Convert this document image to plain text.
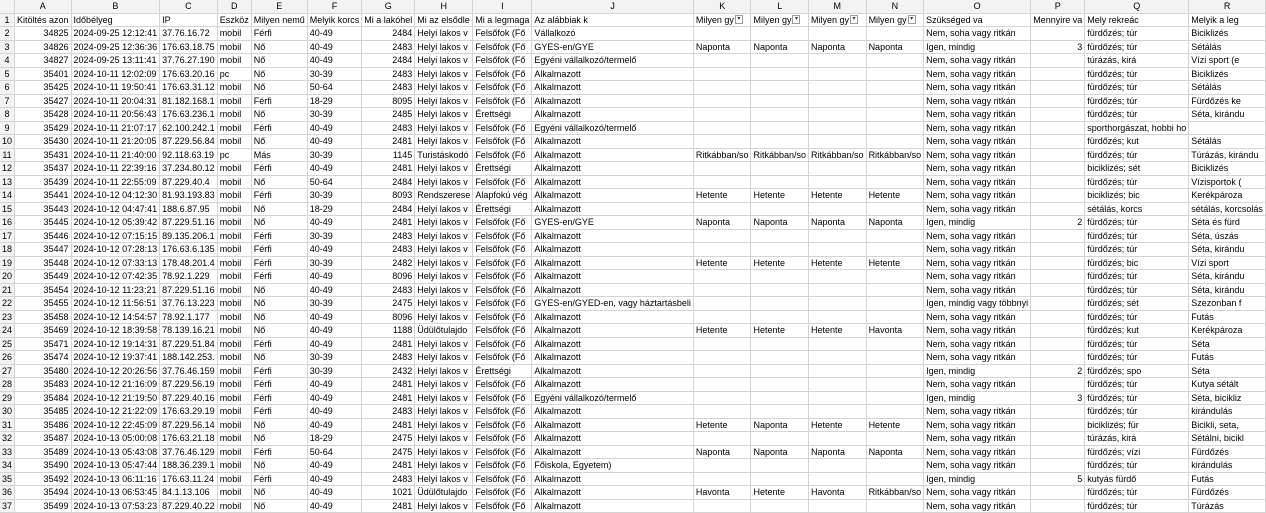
	A	B	C	D	E	F	G	H	I	J	K	L	M	N	O	P	Q	R
1	Kitöltés azon	Időbélyeg	IP	Eszköz	Milyen nemű	Melyik korcs	Mi a lakóhel	Mi az elsődle	Mi a legmaga	Az alábbiak k	Milyen gy ▾	Milyen gy ▾	Milyen gy ▾	Milyen gy ▾	Szükséged va	Mennyire va	Mely rekreác	Melyik a leg
2	34825	2024-09-25 12:12:41	37.76.16.72	mobil	Férfi	40-49	2484	Helyi lakos v	Felsőfok (Fő	Vállalkozó					Nem, soha vagy ritkán		fürdőzés; túr	Biciklizés
3	34826	2024-09-25 12:36:36	176.63.18.75	mobil	Nő	40-49	2483	Helyi lakos v	Felsőfok (Fő	GYES-en/GYE	Naponta	Naponta	Naponta	Naponta	Igen, mindig	3	fürdőzés; túr	Sétálás
4	34827	2024-09-25 13:11:41	37.76.27.190	mobil	Nő	40-49	2484	Helyi lakos v	Felsőfok (Fő	Egyéni vállalkozó/termelő					Nem, soha vagy ritkán		túrázás, kirá	Vízi sport (e
5	35401	2024-10-11 12:02:09	176.63.20.16	pc	Nő	30-39	2483	Helyi lakos v	Felsőfok (Fő	Alkalmazott					Nem, soha vagy ritkán		fürdőzés; túr	Biciklizés
6	35425	2024-10-11 19:50:41	176.63.31.12	mobil	Nő	50-64	2483	Helyi lakos v	Felsőfok (Fő	Alkalmazott					Nem, soha vagy ritkán		fürdőzés; túr	Sétálás
7	35427	2024-10-11 20:04:31	81.182.168.1	mobil	Férfi	18-29	8095	Helyi lakos v	Felsőfok (Fő	Alkalmazott					Nem, soha vagy ritkán		fürdőzés; túr	Fürdőzés ke
8	35428	2024-10-11 20:56:43	176.63.236.1	mobil	Nő	30-39	2485	Helyi lakos v	Érettségi	Alkalmazott					Nem, soha vagy ritkán		fürdőzés; túr	Séta, kirándu
9	35429	2024-10-11 21:07:17	62.100.242.1	mobil	Férfi	40-49	2483	Helyi lakos v	Felsőfok (Fő	Egyéni vállalkozó/termelő					Nem, soha vagy ritkán		sporthorgászat, hobbi ho	
10	35430	2024-10-11 21:20:05	87.229.56.84	mobil	Nő	40-49	2481	Helyi lakos v	Felsőfok (Fő	Alkalmazott					Nem, soha vagy ritkán		fürdőzés; kut	Sétálás
11	35431	2024-10-11 21:40:00	92.118.63.19	pc	Más	30-39	1145	Turistáskodó	Felsőfok (Fő	Alkalmazott	Ritkábban/so	Ritkábban/so	Ritkábban/so	Ritkábban/so	Nem, soha vagy ritkán		fürdőzés; túr	Túrázás, kirándu
12	35437	2024-10-11 22:39:16	37.234.80.12	mobil	Férfi	40-49	2481	Helyi lakos v	Érettségi	Alkalmazott					Nem, soha vagy ritkán		biciklizés; sét	Biciklizés
13	35439	2024-10-11 22:55:09	87.229.40.4	mobil	Nő	50-64	2484	Helyi lakos v	Felsőfok (Fő	Alkalmazott					Nem, soha vagy ritkán		fürdőzés; túr	Vízisportok (
14	35441	2024-10-12 04:12:30	81.93.193.83	mobil	Férfi	30-39	8093	Rendszerese	Alapfokú vég	Alkalmazott	Hetente	Hetente	Hetente	Hetente	Nem, soha vagy ritkán		biciklizés; bic	Kerékpároza
15	35443	2024-10-12 04:47:41	188.6.87.95	mobil	Nő	18-29	2484	Helyi lakos v	Érettségi	Alkalmazott					Nem, soha vagy ritkán		sétálás, korcs	sétálás, korcsolás
16	35445	2024-10-12 05:39:42	87.229.51.16	mobil	Nő	40-49	2481	Helyi lakos v	Felsőfok (Fő	GYES-en/GYE	Naponta	Naponta	Naponta	Naponta	Igen, mindig	2	fürdőzés; túr	Séta és fürd
17	35446	2024-10-12 07:15:15	89.135.206.1	mobil	Férfi	30-39	2483	Helyi lakos v	Felsőfok (Fő	Alkalmazott					Nem, soha vagy ritkán		fürdőzés; túr	Séta, úszás
18	35447	2024-10-12 07:28:13	176.63.6.135	mobil	Férfi	40-49	2483	Helyi lakos v	Felsőfok (Fő	Alkalmazott					Nem, soha vagy ritkán		fürdőzés; túr	Séta, kirándu
19	35448	2024-10-12 07:33:13	178.48.201.4	mobil	Férfi	30-39	2482	Helyi lakos v	Felsőfok (Fő	Alkalmazott	Hetente	Hetente	Hetente	Hetente	Nem, soha vagy ritkán		fürdőzés; bic	Vízi sport
20	35449	2024-10-12 07:42:35	78.92.1.229	mobil	Férfi	40-49	8096	Helyi lakos v	Felsőfok (Fő	Alkalmazott					Nem, soha vagy ritkán		fürdőzés; túr	Séta, kirándu
21	35454	2024-10-12 11:23:21	87.229.51.16	mobil	Nő	40-49	2483	Helyi lakos v	Felsőfok (Fő	Alkalmazott					Nem, soha vagy ritkán		fürdőzés; túr	Séta, kirándu
22	35455	2024-10-12 11:56:51	37.76.13.223	mobil	Nő	30-39	2475	Helyi lakos v	Felsőfok (Fő	GYES-en/GYED-en, vagy háztartásbeli					Igen, mindig vagy többnyi		fürdőzés; sét	Szezonban f
23	35458	2024-10-12 14:54:57	78.92.1.177	mobil	Nő	40-49	8096	Helyi lakos v	Felsőfok (Fő	Alkalmazott					Nem, soha vagy ritkán		fürdőzés; túr	Futás
24	35469	2024-10-12 18:39:58	78.139.16.21	mobil	Nő	40-49	1188	Üdülőtulajdo	Felsőfok (Fő	Alkalmazott	Hetente	Hetente	Hetente	Havonta	Nem, soha vagy ritkán		fürdőzés; kut	Kerékpároza
25	35471	2024-10-12 19:14:31	87.229.51.84	mobil	Férfi	40-49	2481	Helyi lakos v	Felsőfok (Fő	Alkalmazott					Nem, soha vagy ritkán		fürdőzés; túr	Séta
26	35474	2024-10-12 19:37:41	188.142.253.	mobil	Nő	30-39	2483	Helyi lakos v	Felsőfok (Fő	Alkalmazott					Nem, soha vagy ritkán		fürdőzés; túr	Futás
27	35480	2024-10-12 20:26:56	37.76.46.159	mobil	Férfi	30-39	2432	Helyi lakos v	Érettségi	Alkalmazott					Igen, mindig	2	fürdőzés; spo	Séta
28	35483	2024-10-12 21:16:09	87.229.56.19	mobil	Férfi	40-49	2481	Helyi lakos v	Felsőfok (Fő	Alkalmazott					Nem, soha vagy ritkán		fürdőzés; túr	Kutya sétált
29	35484	2024-10-12 21:19:50	87.229.40.16	mobil	Férfi	40-49	2481	Helyi lakos v	Felsőfok (Fő	Egyéni vállalkozó/termelő					Igen, mindig	3	fürdőzés; túr	Séta, bicikliz
30	35485	2024-10-12 21:22:09	176.63.29.19	mobil	Férfi	40-49	2483	Helyi lakos v	Felsőfok (Fő	Alkalmazott					Nem, soha vagy ritkán		fürdőzés; túr	kirándulás
31	35486	2024-10-12 22:45:09	87.229.56.14	mobil	Nő	40-49	2481	Helyi lakos v	Felsőfok (Fő	Alkalmazott	Hetente	Naponta	Hetente	Hetente	Nem, soha vagy ritkán		biciklizés; für	Bicikli, seta,
32	35487	2024-10-13 05:00:08	176.63.21.18	mobil	Nő	18-29	2475	Helyi lakos v	Felsőfok (Fő	Alkalmazott					Nem, soha vagy ritkán		túrázás, kirá	Sétálni, bicikl
33	35489	2024-10-13 05:43:08	37.76.46.129	mobil	Férfi	50-64	2475	Helyi lakos v	Felsőfok (Fő	Alkalmazott	Naponta	Naponta	Naponta	Naponta	Nem, soha vagy ritkán		fürdőzés; vízi	Fürdőzés
34	35490	2024-10-13 05:47:44	188.36.239.1	mobil	Nő	40-49	2481	Helyi lakos v	Felsőfok (Fő	Főiskola, Egyetem)					Nem, soha vagy ritkán		fürdőzés; túr	kirándulás
35	35492	2024-10-13 06:11:16	176.63.11.24	mobil	Férfi	40-49	2483	Helyi lakos v	Felsőfok (Fő	Alkalmazott					Igen, mindig	5	kutyás fürdő	Futás
36	35494	2024-10-13 06:53:45	84.1.13.106	mobil	Nő	40-49	1021	Üdülőtulajdo	Felsőfok (Fő	Alkalmazott	Havonta	Hetente	Havonta	Ritkábban/so	Nem, soha vagy ritkán		fürdőzés; túr	Fürdőzés
37	35499	2024-10-13 07:53:23	87.229.40.22	mobil	Nő	40-49	2481	Helyi lakos v	Felsőfok (Fő	Alkalmazott					Nem, soha vagy ritkán		fürdőzés; túr	Túrázás
